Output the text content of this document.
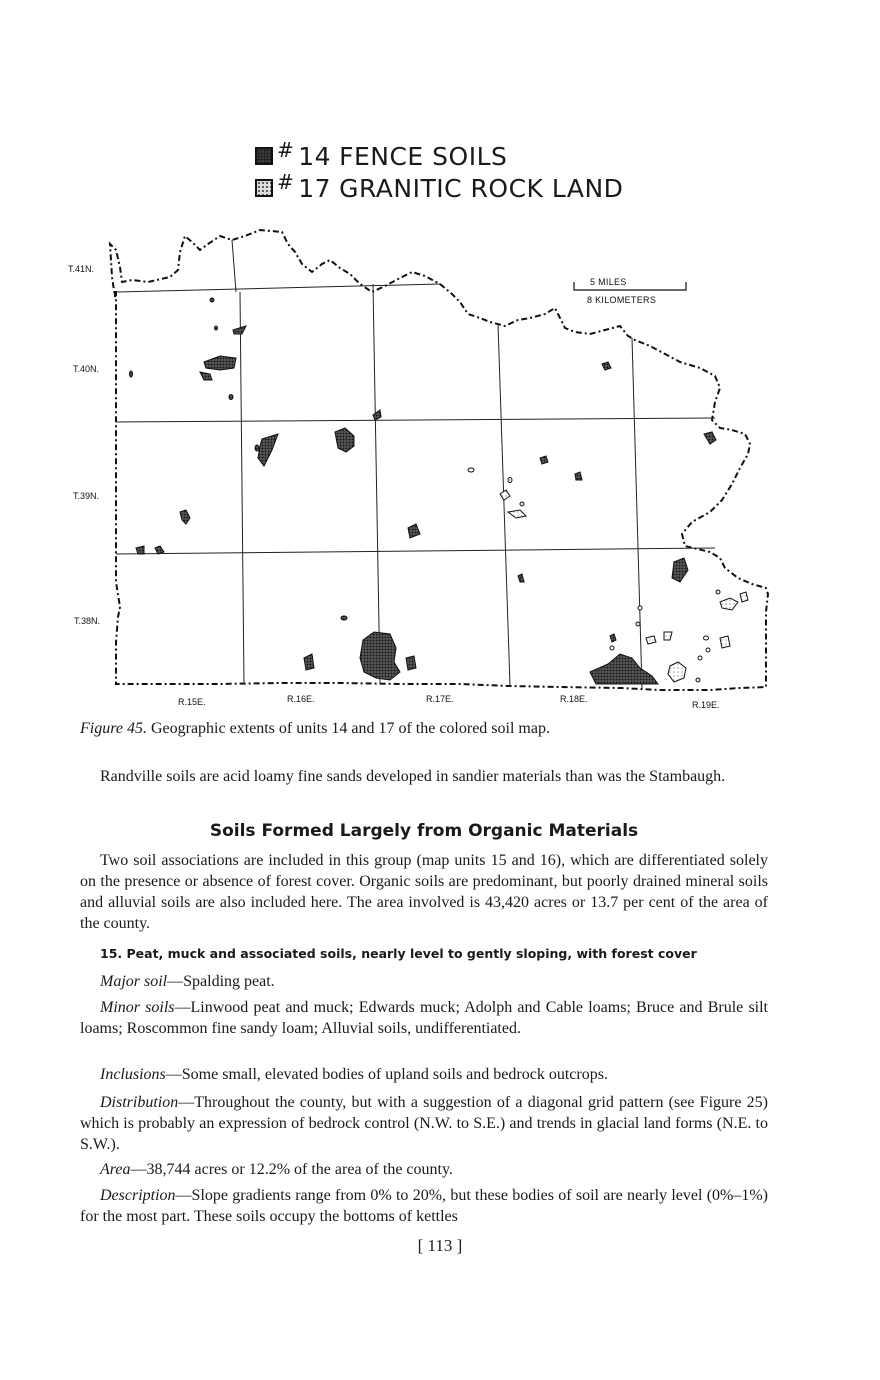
# 14 FENCE SOILS
# 17 GRANITIC ROCK LAND
T.41N.
T.40N.
T.39N.
T.38N.
R.15E.	R.16E.	R.17E.	R.18E.
R.19E.
5 MILES
8 KILOMETERS
Figure 45. Geographic extents of units 14 and 17 of the colored soil map.
Randville soils are acid loamy fine sands developed in sandier materials than was the Stambaugh.
Soils Formed Largely from Organic Materials
Two soil associations are included in this group (map units 15 and 16), which are differentiated solely on the presence or absence of forest cover. Organic soils are predominant, but poorly drained mineral soils and alluvial soils are also included here. The area involved is 43,420 acres or 13.7 per cent of the area of the county.
15. Peat, muck and associated soils, nearly level to gently sloping, with forest cover
Major soil—Spalding peat.
Minor soils—Linwood peat and muck; Edwards muck; Adolph and Cable loams; Bruce and Brule silt loams; Roscommon fine sandy loam; Alluvial soils, undifferentiated.
Inclusions—Some small, elevated bodies of upland soils and bedrock outcrops.
Distribution—Throughout the county, but with a suggestion of a diagonal grid pattern (see Figure 25) which is probably an expression of bedrock control (N.W. to S.E.) and trends in glacial land forms (N.E. to S.W.).
Area—38,744 acres or 12.2% of the area of the county.
Description—Slope gradients range from 0% to 20%, but these bodies of soil are nearly level (0%–1%) for the most part. These soils occupy the bottoms of kettles
[ 113 ]
